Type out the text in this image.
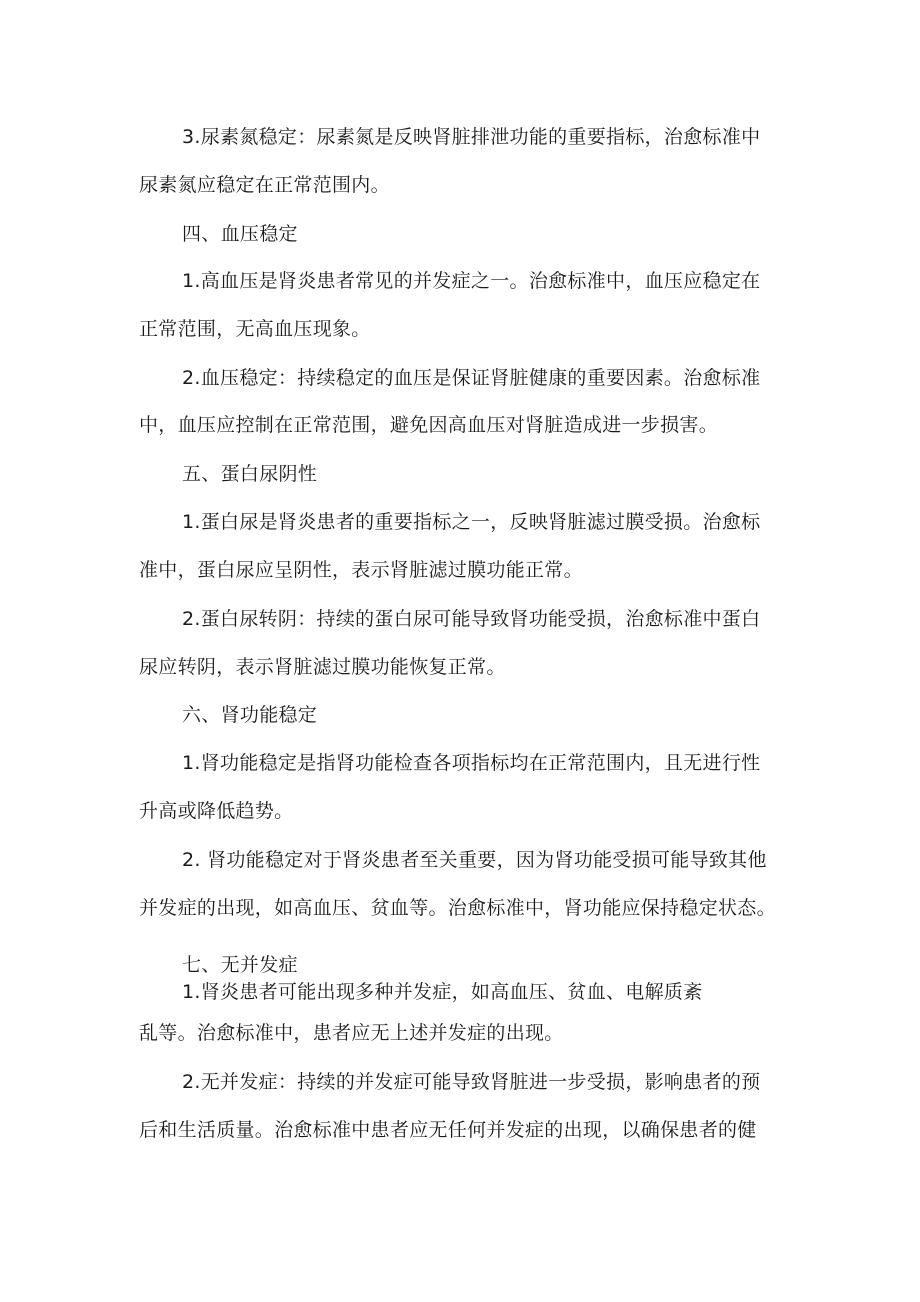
3.尿素氮稳定：尿素氮是反映肾脏排泄功能的重要指标，治愈标准中
尿素氮应稳定在正常范围内。
四、血压稳定
1.高血压是肾炎患者常见的并发症之一。治愈标准中，血压应稳定在
正常范围，无高血压现象。
2.血压稳定：持续稳定的血压是保证肾脏健康的重要因素。治愈标准
中，血压应控制在正常范围，避免因高血压对肾脏造成进一步损害。
五、蛋白尿阴性
1.蛋白尿是肾炎患者的重要指标之一，反映肾脏滤过膜受损。治愈标
准中，蛋白尿应呈阴性，表示肾脏滤过膜功能正常。
2.蛋白尿转阴：持续的蛋白尿可能导致肾功能受损，治愈标准中蛋白
尿应转阴，表示肾脏滤过膜功能恢复正常。
六、肾功能稳定
1.肾功能稳定是指肾功能检查各项指标均在正常范围内，且无进行性
升高或降低趋势。
2. 肾功能稳定对于肾炎患者至关重要，因为肾功能受损可能导致其他
并发症的出现，如高血压、贫血等。治愈标准中，肾功能应保持稳定状态。
七、无并发症
1.肾炎患者可能出现多种并发症，如高血压、贫血、电解质紊
乱等。治愈标准中，患者应无上述并发症的出现。
2.无并发症：持续的并发症可能导致肾脏进一步受损，影响患者的预
后和生活质量。治愈标准中患者应无任何并发症的出现，以确保患者的健
